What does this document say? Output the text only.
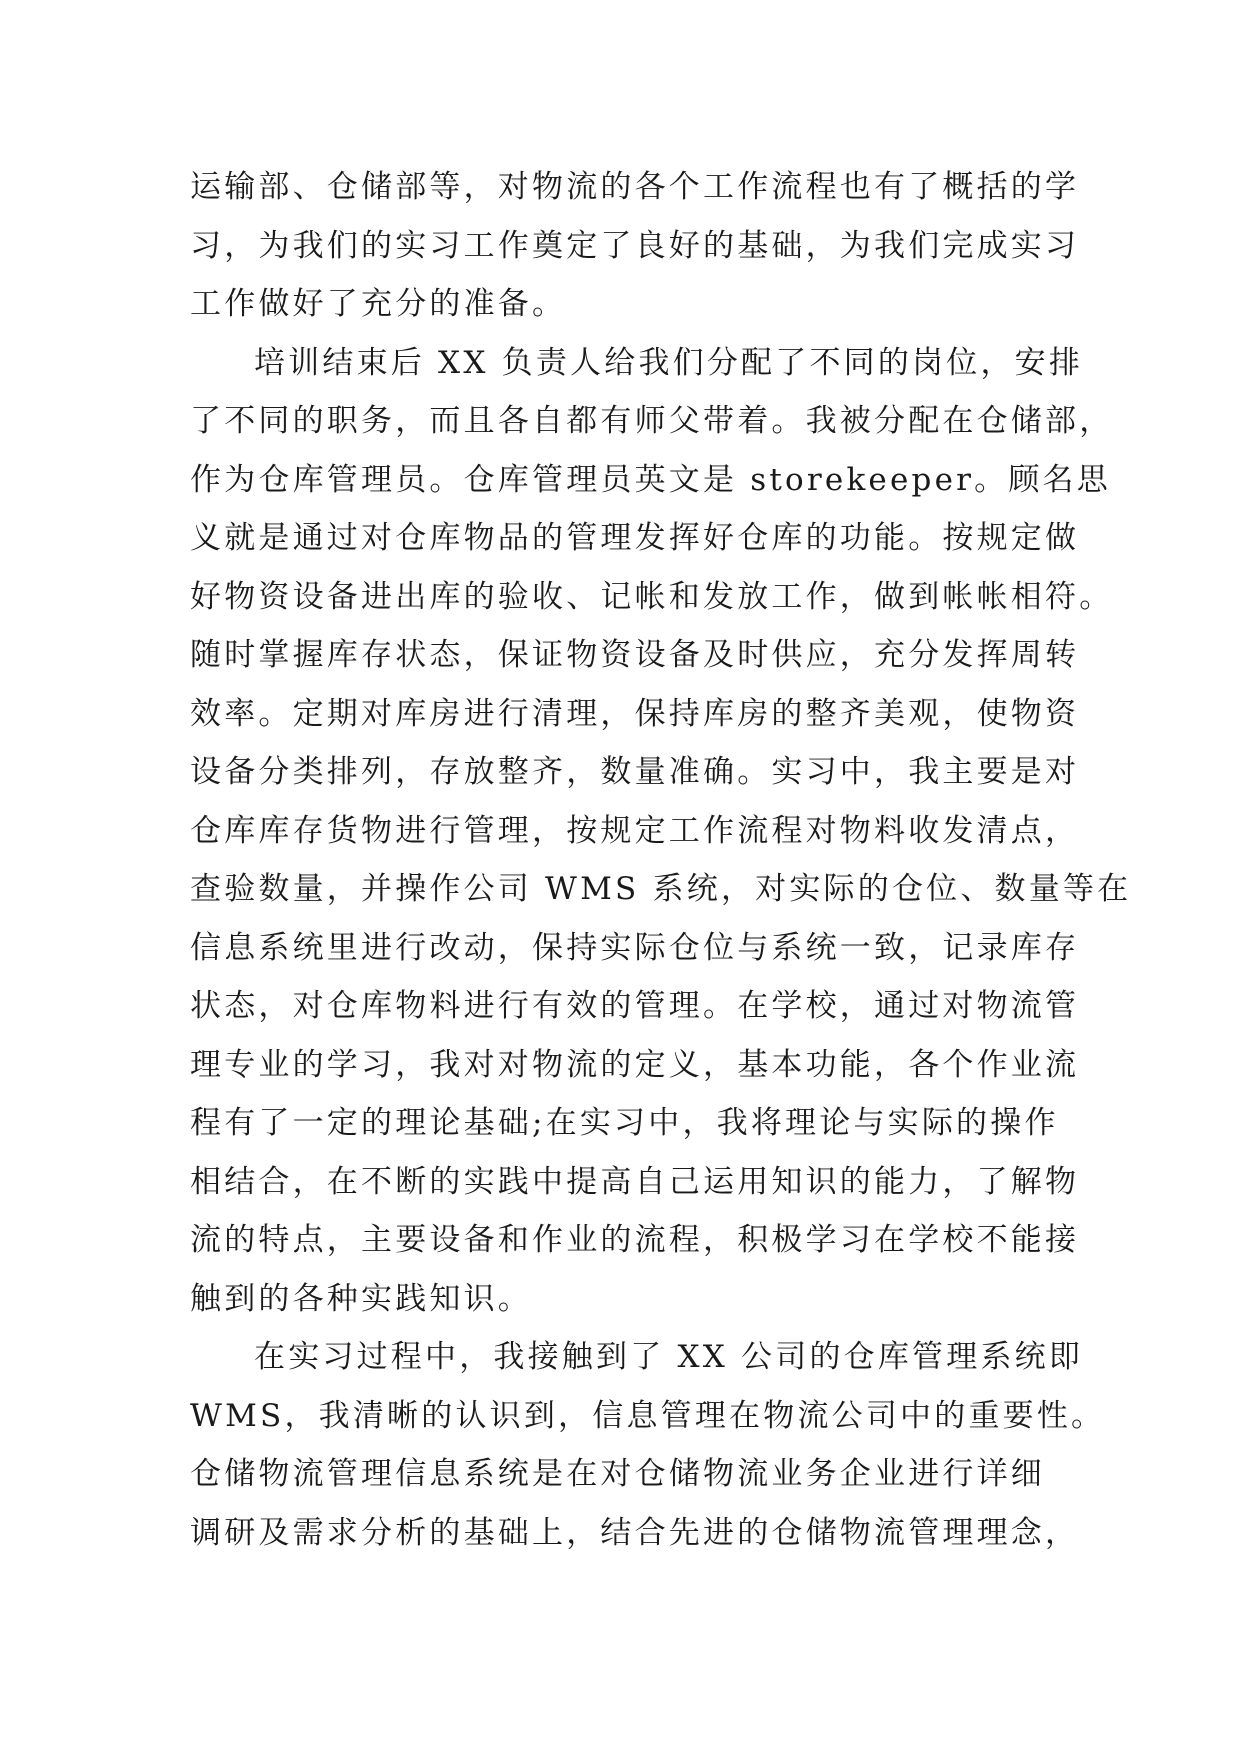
运输部、仓储部等，对物流的各个工作流程也有了概括的学
习，为我们的实习工作奠定了良好的基础，为我们完成实习
工作做好了充分的准备。
培训结束后 XX 负责人给我们分配了不同的岗位，安排
了不同的职务，而且各自都有师父带着。我被分配在仓储部，
作为仓库管理员。仓库管理员英文是 storekeeper。顾名思
义就是通过对仓库物品的管理发挥好仓库的功能。按规定做
好物资设备进出库的验收、记帐和发放工作，做到帐帐相符。
随时掌握库存状态，保证物资设备及时供应，充分发挥周转
效率。定期对库房进行清理，保持库房的整齐美观，使物资
设备分类排列，存放整齐，数量准确。实习中，我主要是对
仓库库存货物进行管理，按规定工作流程对物料收发清点，
查验数量，并操作公司 WMS 系统，对实际的仓位、数量等在
信息系统里进行改动，保持实际仓位与系统一致，记录库存
状态，对仓库物料进行有效的管理。在学校，通过对物流管
理专业的学习，我对对物流的定义，基本功能，各个作业流
程有了一定的理论基础;在实习中，我将理论与实际的操作
相结合，在不断的实践中提高自己运用知识的能力，了解物
流的特点，主要设备和作业的流程，积极学习在学校不能接
触到的各种实践知识。
在实习过程中，我接触到了 XX 公司的仓库管理系统即
WMS，我清晰的认识到，信息管理在物流公司中的重要性。
仓储物流管理信息系统是在对仓储物流业务企业进行详细
调研及需求分析的基础上，结合先进的仓储物流管理理念，
